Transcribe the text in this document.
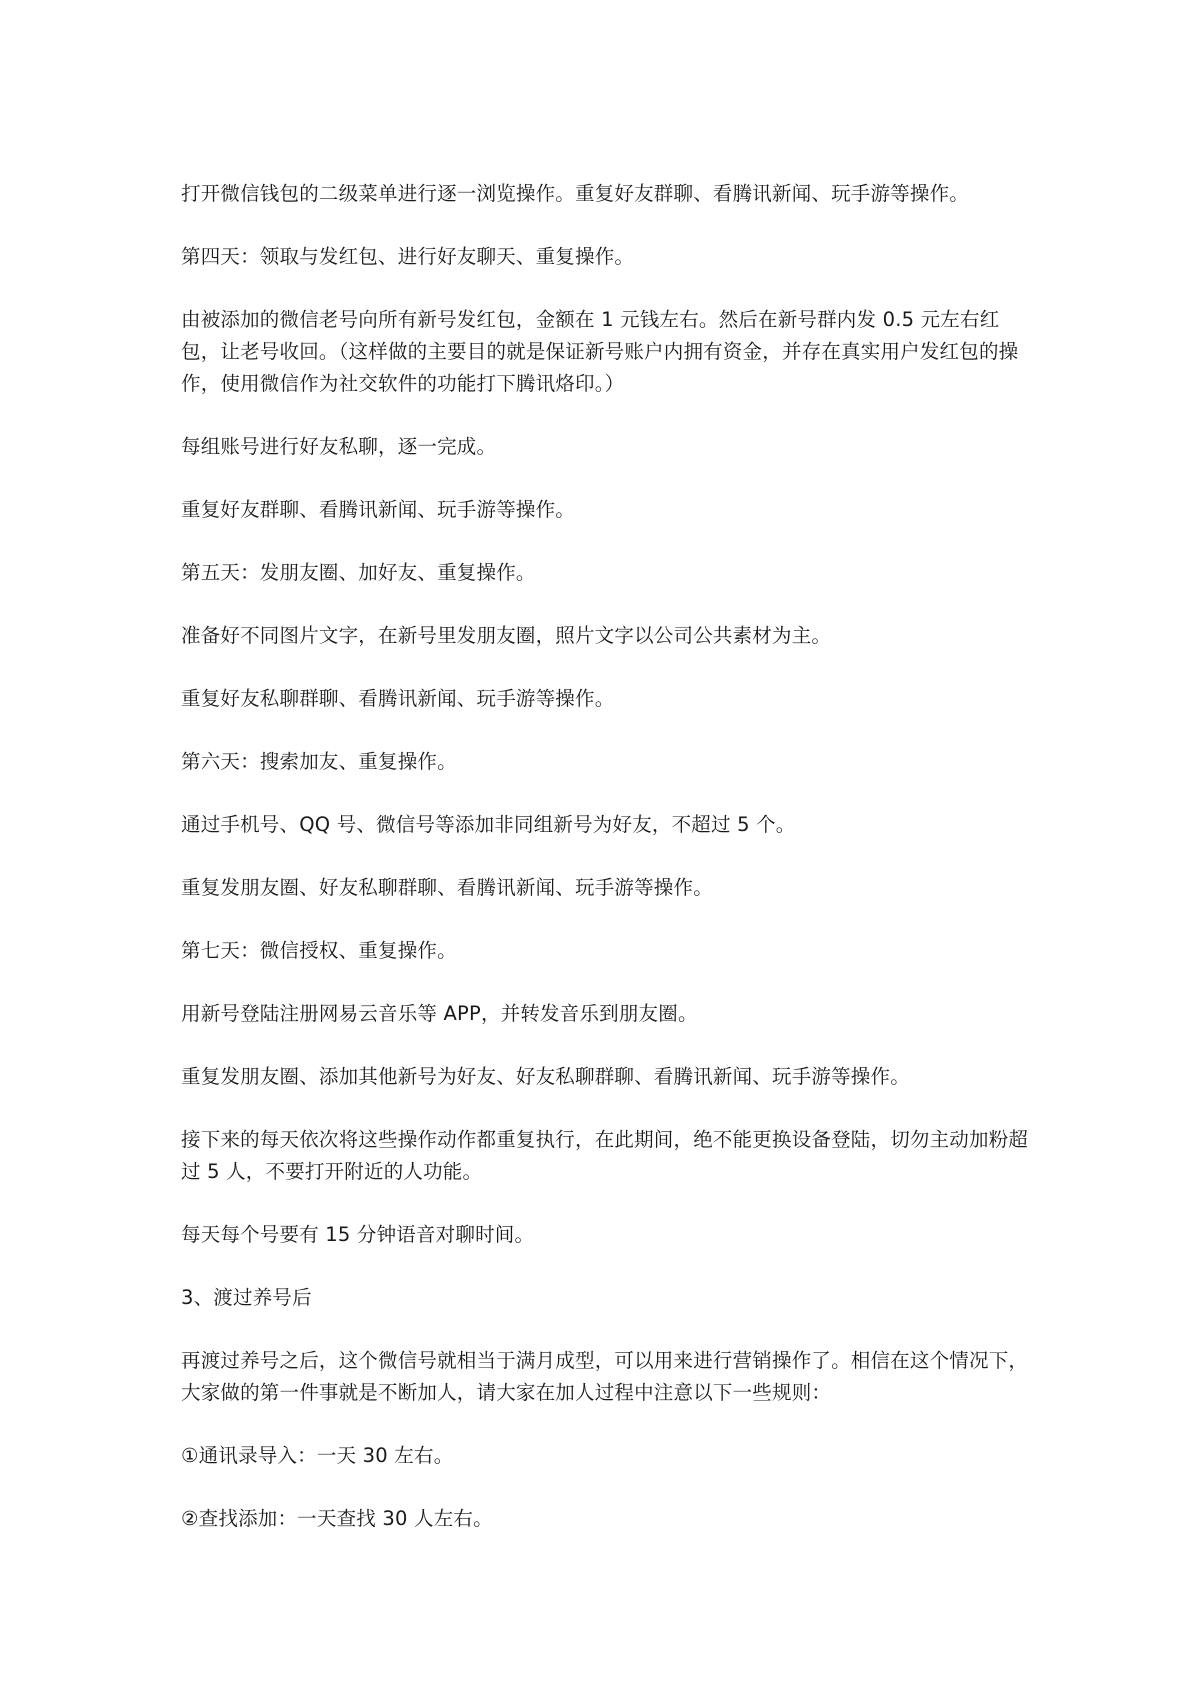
打开微信钱包的二级菜单进行逐一浏览操作。重复好友群聊、看腾讯新闻、玩手游等操作。

第四天：领取与发红包、进行好友聊天、重复操作。

由被添加的微信老号向所有新号发红包，金额在 1 元钱左右。然后在新号群内发 0.5 元左右红包，让老号收回。（这样做的主要目的就是保证新号账户内拥有资金，并存在真实用户发红包的操作，使用微信作为社交软件的功能打下腾讯烙印。）

每组账号进行好友私聊，逐一完成。

重复好友群聊、看腾讯新闻、玩手游等操作。

第五天：发朋友圈、加好友、重复操作。

准备好不同图片文字，在新号里发朋友圈，照片文字以公司公共素材为主。

重复好友私聊群聊、看腾讯新闻、玩手游等操作。

第六天：搜索加友、重复操作。

通过手机号、QQ 号、微信号等添加非同组新号为好友，不超过 5 个。

重复发朋友圈、好友私聊群聊、看腾讯新闻、玩手游等操作。

第七天：微信授权、重复操作。

用新号登陆注册网易云音乐等 APP，并转发音乐到朋友圈。

重复发朋友圈、添加其他新号为好友、好友私聊群聊、看腾讯新闻、玩手游等操作。

接下来的每天依次将这些操作动作都重复执行，在此期间，绝不能更换设备登陆，切勿主动加粉超过 5 人，不要打开附近的人功能。

每天每个号要有 15 分钟语音对聊时间。

3、渡过养号后

再渡过养号之后，这个微信号就相当于满月成型，可以用来进行营销操作了。相信在这个情况下，大家做的第一件事就是不断加人，请大家在加人过程中注意以下一些规则：

①通讯录导入：一天 30 左右。

②查找添加：一天查找 30 人左右。
